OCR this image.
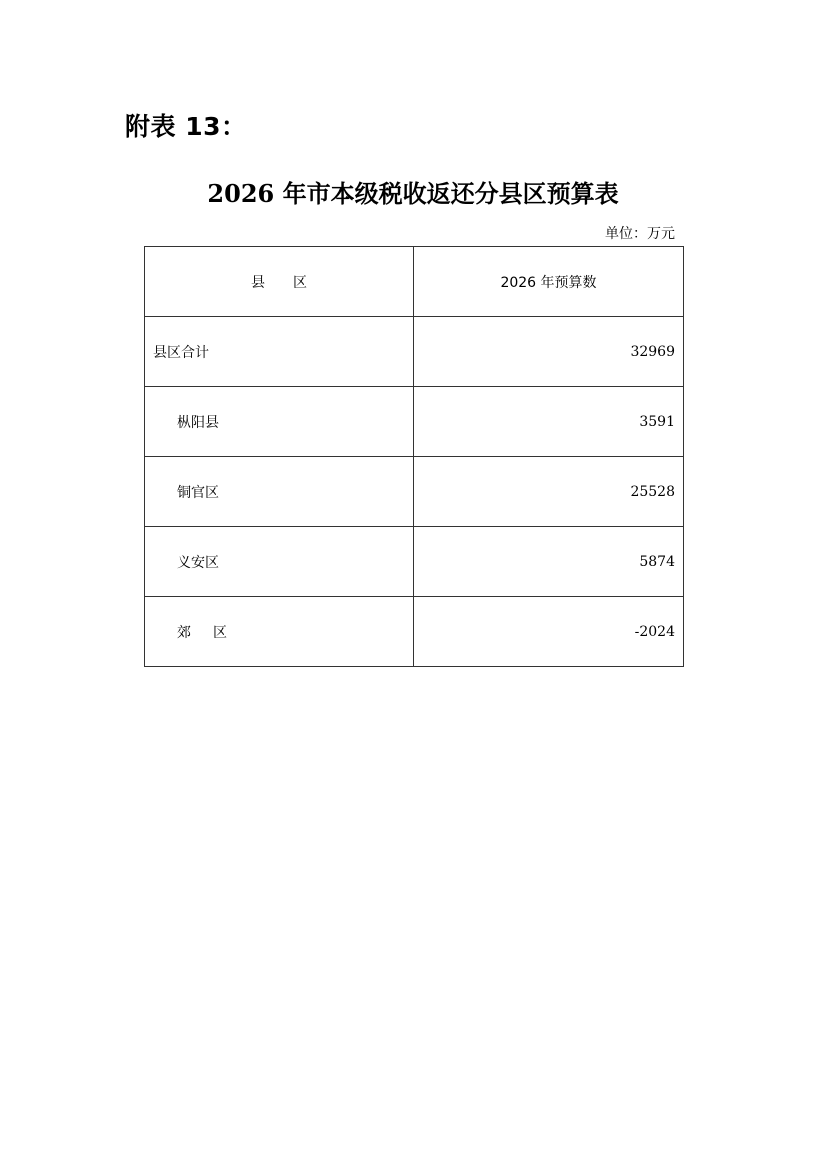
附表 13：
2026 年市本级税收返还分县区预算表
单位：万元
县 区	2026 年预算数
县区合计	32969
枞阳县	3591
铜官区	25528
义安区	5874
郊 区	-2024
